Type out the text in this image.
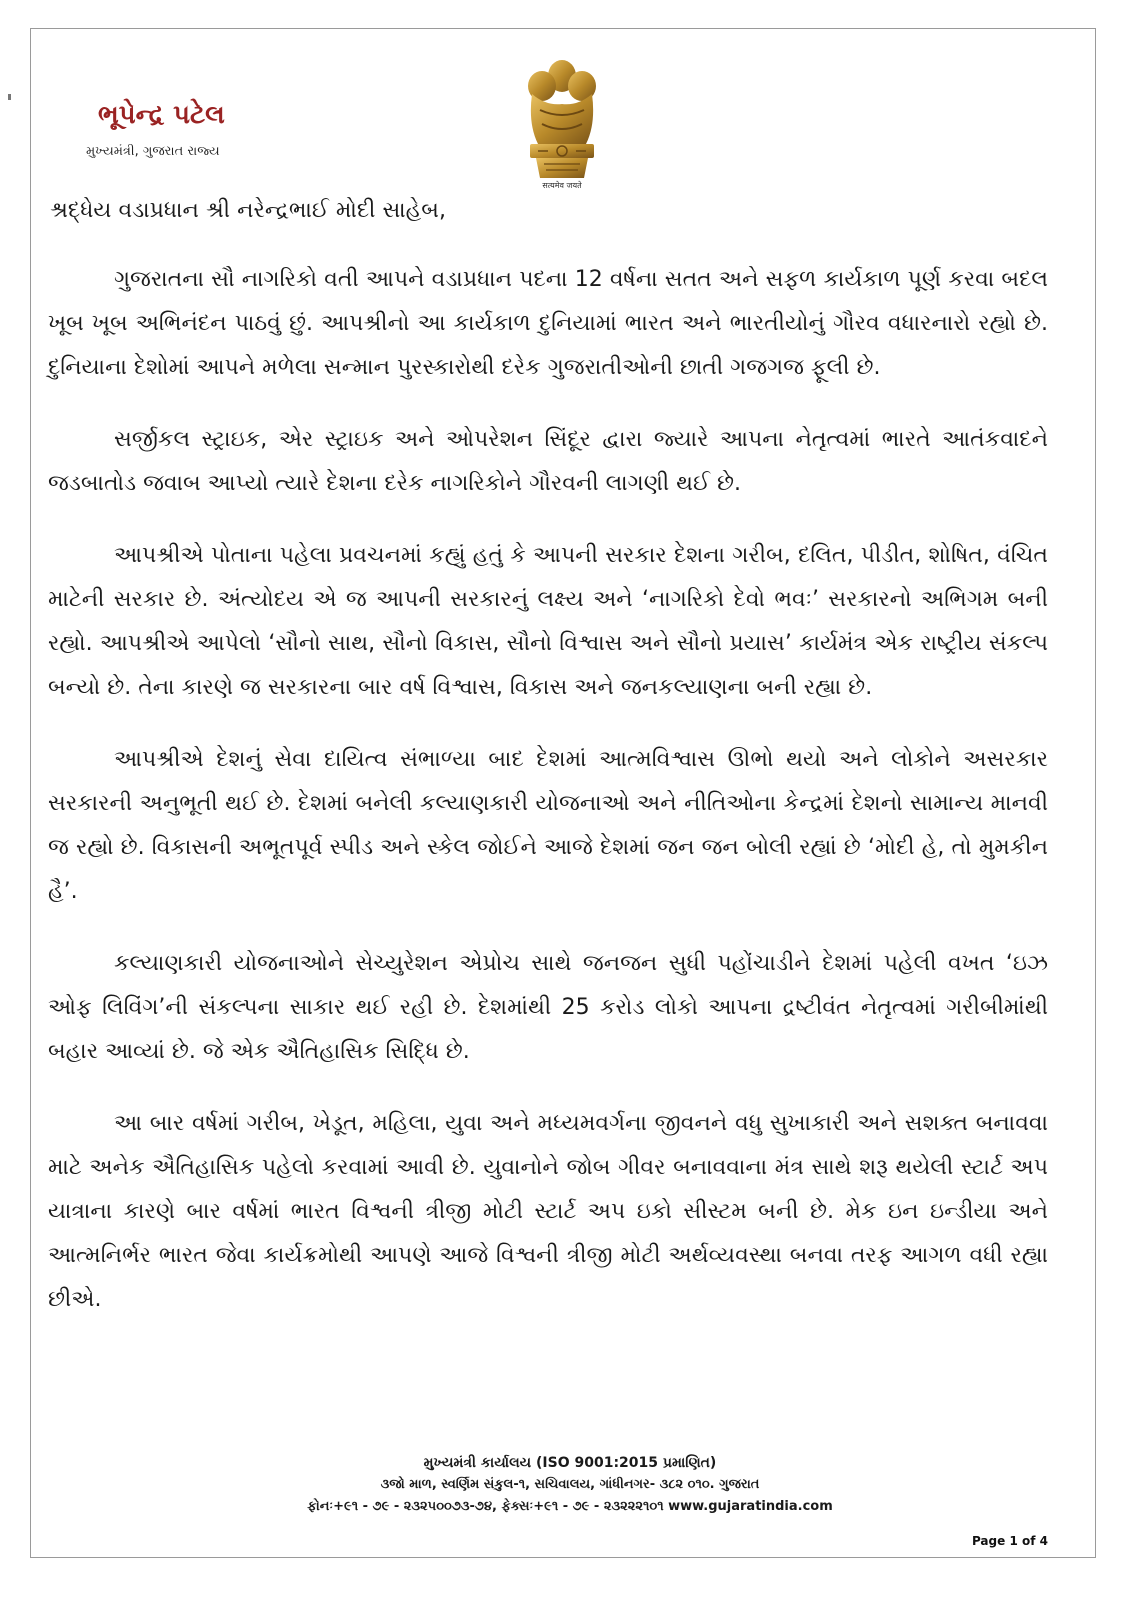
ભૂપેન્દ્ર પટેલ
મુખ્યમંત્રી, ગુજરાત રાજ્ય
सत्यमेव जयते
શ્રદ્ધેય વડાપ્રધાન શ્રી નરેન્દ્રભાઈ મોદી સાહેબ,

ગુજરાતના સૌ નાગરિકો વતી આપને વડાપ્રધાન પદના 12 વર્ષના સતત અને સફળ કાર્યકાળ પૂર્ણ કરવા બદલ ખૂબ ખૂબ અભિનંદન પાઠવું છું. આપશ્રીનો આ કાર્યકાળ દુનિયામાં ભારત અને ભારતીયોનું ગૌરવ વધારનારો રહ્યો છે. દુનિયાના દેશોમાં આપને મળેલા સન્માન પુરસ્કારોથી દરેક ગુજરાતીઓની છાતી ગજગજ ફૂલી છે.

સર્જીકલ સ્ટ્રાઇક, એર સ્ટ્રાઇક અને ઓપરેશન સિંદૂર દ્વારા જ્યારે આપના નેતૃત્વમાં ભારતે આતંકવાદને જડબાતોડ જવાબ આપ્યો ત્યારે દેશના દરેક નાગરિકોને ગૌરવની લાગણી થઈ છે.

આપશ્રીએ પોતાના પહેલા પ્રવચનમાં કહ્યું હતું કે આપની સરકાર દેશના ગરીબ, દલિત, પીડીત, શોષિત, વંચિત માટેની સરકાર છે. અંત્યોદય એ જ આપની સરકારનું લક્ષ્ય અને ‘નાગરિકો દેવો ભવઃ’ સરકારનો અભિગમ બની રહ્યો. આપશ્રીએ આપેલો ‘સૌનો સાથ, સૌનો વિકાસ, સૌનો વિશ્વાસ અને સૌનો પ્રયાસ’ કાર્યમંત્ર એક રાષ્ટ્રીય સંકલ્પ બન્યો છે. તેના કારણે જ સરકારના બાર વર્ષ વિશ્વાસ, વિકાસ અને જનકલ્યાણના બની રહ્યા છે.

આપશ્રીએ દેશનું સેવા દાયિત્વ સંભાળ્યા બાદ દેશમાં આત્મવિશ્વાસ ઊભો થયો અને લોકોને અસરકાર સરકારની અનુભૂતી થઈ છે. દેશમાં બનેલી કલ્યાણકારી યોજનાઓ અને નીતિઓના કેન્દ્રમાં દેશનો સામાન્ય માનવી જ રહ્યો છે. વિકાસની અભૂતપૂર્વ સ્પીડ અને સ્કેલ જોઈને આજે દેશમાં જન જન બોલી રહ્યાં છે ‘મોદી હે, તો મુમકીન હૈ’.

કલ્યાણકારી યોજનાઓને સેચ્યુરેશન એપ્રોચ સાથે જનજન સુધી પહોંચાડીને દેશમાં પહેલી વખત ‘ઇઝ ઓફ લિવિંગ’ની સંકલ્પના સાકાર થઈ રહી છે. દેશમાંથી 25 કરોડ લોકો આપના દ્રષ્ટીવંત નેતૃત્વમાં ગરીબીમાંથી બહાર આવ્યાં છે. જે એક ઐતિહાસિક સિદ્ધિ છે.

આ બાર વર્ષમાં ગરીબ, ખેડૂત, મહિલા, યુવા અને મધ્યમવર્ગના જીવનને વધુ સુખાકારી અને સશક્ત બનાવવા માટે અનેક ઐતિહાસિક પહેલો કરવામાં આવી છે. યુવાનોને જોબ ગીવર બનાવવાના મંત્ર સાથે શરૂ થયેલી સ્ટાર્ટ અપ યાત્રાના કારણે બાર વર્ષમાં ભારત વિશ્વની ત્રીજી મોટી સ્ટાર્ટ અપ ઇકો સીસ્ટમ બની છે. મેક ઇન ઇન્ડીયા અને આત્મનિર્ભર ભારત જેવા કાર્યક્રમોથી આપણે આજે વિશ્વની ત્રીજી મોટી અર્થવ્યવસ્થા બનવા તરફ આગળ વધી રહ્યા છીએ.

મુખ્યમંત્રી કાર્યાલય (ISO 9001:2015 પ્રમાણિત)
૩જો માળ, સ્વર્ણિમ સંકુલ-૧, સચિવાલય, ગાંધીનગર- ૩૮૨ ૦૧૦. ગુજરાત
ફોનઃ+૯૧ - ૭૯ - ૨૩૨૫૦૦૭૩-૭૪, ફેક્સઃ+૯૧ - ૭૯ - ૨૩૨૨૨૧૦૧ www.gujaratindia.com
Page 1 of 4
